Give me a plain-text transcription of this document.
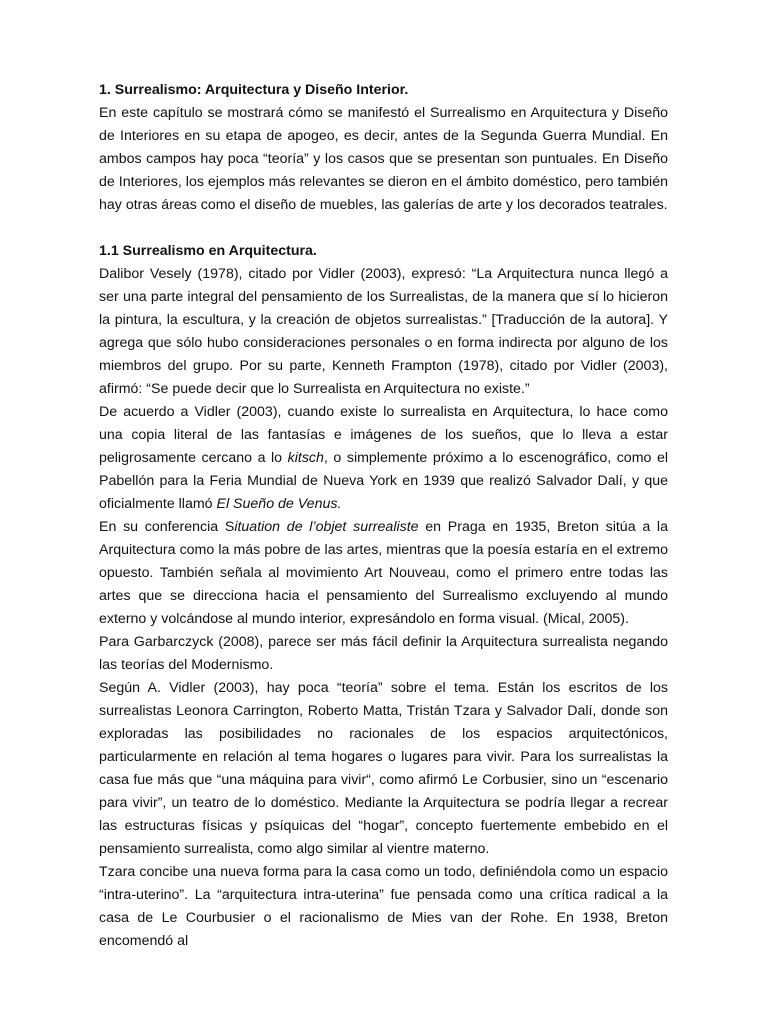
1. Surrealismo: Arquitectura y Diseño Interior.

En este capítulo se mostrará cómo se manifestó el Surrealismo en Arquitectura y Diseño de Interiores en su etapa de apogeo, es decir, antes de la Segunda Guerra Mundial. En ambos campos hay poca “teoría” y los casos que se presentan son puntuales. En Diseño de Interiores, los ejemplos más relevantes se dieron en el ámbito doméstico, pero también hay otras áreas como el diseño de muebles, las galerías de arte y los decorados teatrales.

1.1 Surrealismo en Arquitectura.

Dalibor Vesely (1978), citado por Vidler (2003), expresó: “La Arquitectura nunca llegó a ser una parte integral del pensamiento de los Surrealistas, de la manera que sí lo hicieron la pintura, la escultura, y la creación de objetos surrealistas.” [Traducción de la autora]. Y agrega que sólo hubo consideraciones personales o en forma indirecta por alguno de los miembros del grupo. Por su parte, Kenneth Frampton (1978), citado por Vidler (2003), afirmó: “Se puede decir que lo Surrealista en Arquitectura no existe.”

De acuerdo a Vidler (2003), cuando existe lo surrealista en Arquitectura, lo hace como una copia literal de las fantasías e imágenes de los sueños, que lo lleva a estar peligrosamente cercano a lo kitsch, o simplemente próximo a lo escenográfico, como el Pabellón para la Feria Mundial de Nueva York en 1939 que realizó Salvador Dalí, y que oficialmente llamó El Sueño de Venus.

En su conferencia Situation de l’objet surrealiste en Praga en 1935, Breton sitúa a la Arquitectura como la más pobre de las artes, mientras que la poesía estaría en el extremo opuesto. También señala al movimiento Art Nouveau, como el primero entre todas las artes que se direcciona hacia el pensamiento del Surrealismo excluyendo al mundo externo y volcándose al mundo interior, expresándolo en forma visual. (Mical, 2005).

Para Garbarczyck (2008), parece ser más fácil definir la Arquitectura surrealista negando las teorías del Modernismo.

Según A. Vidler (2003), hay poca “teoría” sobre el tema. Están los escritos de los surrealistas Leonora Carrington, Roberto Matta, Tristán Tzara y Salvador Dalí, donde son exploradas las posibilidades no racionales de los espacios arquitectónicos, particularmente en relación al tema hogares o lugares para vivir. Para los surrealistas la casa fue más que “una máquina para vivir“, como afirmó Le Corbusier, sino un “escenario para vivir”, un teatro de lo doméstico. Mediante la Arquitectura se podría llegar a recrear las estructuras físicas y psíquicas del “hogar”, concepto fuertemente embebido en el pensamiento surrealista, como algo similar al vientre materno.

Tzara concibe una nueva forma para la casa como un todo, definiéndola como un espacio “intra-uterino”. La “arquitectura intra-uterina” fue pensada como una crítica radical a la casa de Le Courbusier o el racionalismo de Mies van der Rohe. En 1938, Breton encomendó al
